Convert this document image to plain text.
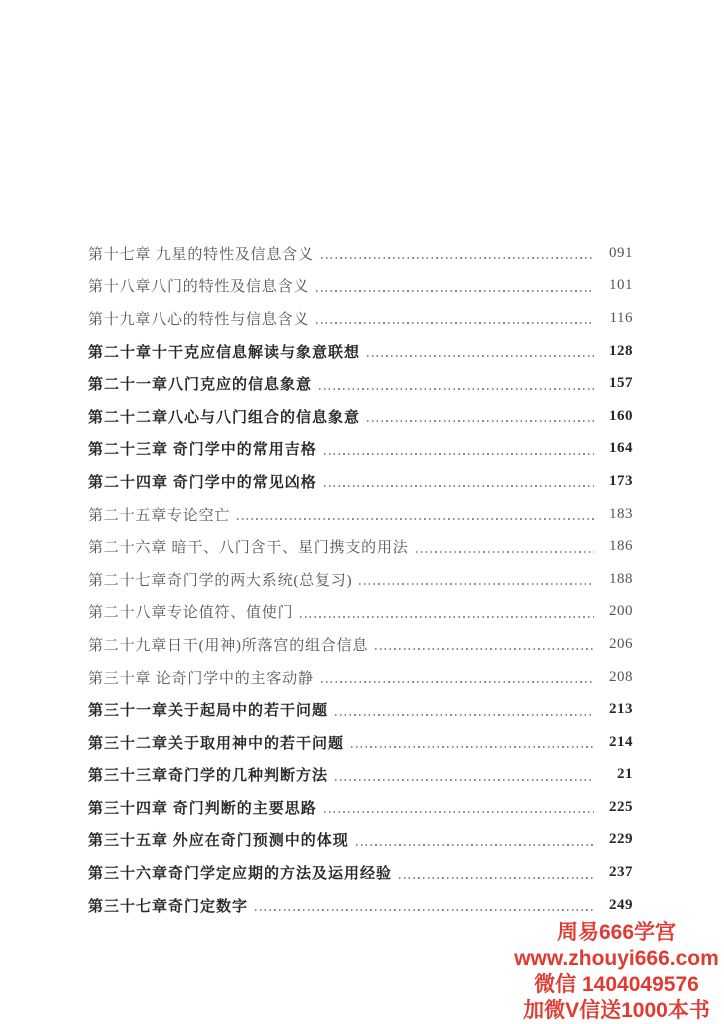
第十七章 九星的特性及信息含义	091
第十八章八门的特性及信息含义	101
第十九章八心的特性与信息含义	116
第二十章十干克应信息解读与象意联想	128
第二十一章八门克应的信息象意	157
第二十二章八心与八门组合的信息象意	160
第二十三章 奇门学中的常用吉格	164
第二十四章 奇门学中的常见凶格	173
第二十五章专论空亡	183
第二十六章 暗干、八门含干、星门携支的用法	186
第二十七章奇门学的两大系统(总复习)	188
第二十八章专论值符、值使门	200
第二十九章日干(用神)所落宫的组合信息	206
第三十章 论奇门学中的主客动静	208
第三十一章关于起局中的若干问题	213
第三十二章关于取用神中的若干问题	214
第三十三章奇门学的几种判断方法	21
第三十四章 奇门判断的主要思路	225
第三十五章 外应在奇门预测中的体现	229
第三十六章奇门学定应期的方法及运用经验	237
第三十七章奇门定数字	249
周易666学宫
www.zhouyi666.com
微信 1404049576
加微V信送1000本书
